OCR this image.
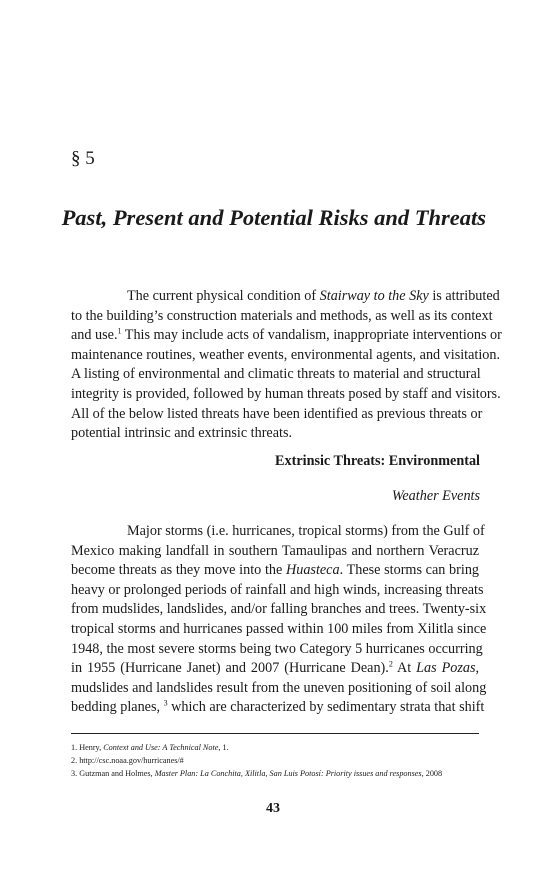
§ 5
Past, Present and Potential Risks and Threats

The current physical condition of Stairway to the Sky is attributed
to the building’s construction materials and methods, as well as its context
and use.$^1$ This may include acts of vandalism, inappropriate interventions or
maintenance routines, weather events, environmental agents, and visitation.
A listing of environmental and climatic threats to material and structural
integrity is provided, followed by human threats posed by staff and visitors.
All of the below listed threats have been identified as previous threats or
potential intrinsic and extrinsic threats.

Extrinsic Threats: Environmental
Weather Events

Major storms (i.e. hurricanes, tropical storms) from the Gulf of
Mexico making landfall in southern Tamaulipas and northern Veracruz
become threats as they move into the Huasteca. These storms can bring
heavy or prolonged periods of rainfall and high winds, increasing threats
from mudslides, landslides, and/or falling branches and trees. Twenty-six
tropical storms and hurricanes passed within 100 miles from Xilitla since
1948, the most severe storms being two Category 5 hurricanes occurring
in 1955 (Hurricane Janet) and 2007 (Hurricane Dean).$^2$ At Las Pozas,
mudslides and landslides result from the uneven positioning of soil along
bedding planes, $^3$ which are characterized by sedimentary strata that shift

1. Henry, Context and Use: A Technical Note, 1.
2. http://csc.noaa.gov/hurricanes/#
3. Gutzman and Holmes, Master Plan: La Conchita, Xilitla, San Luis Potosí: Priority issues and responses, 2008

43
